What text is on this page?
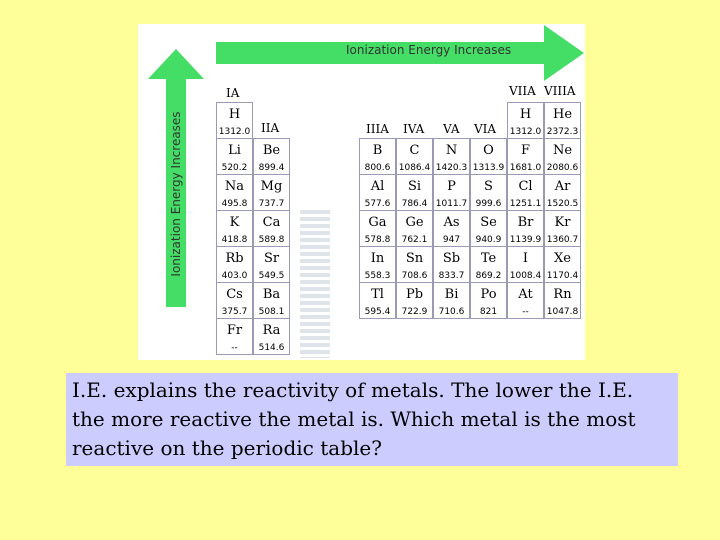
Ionization Energy Increases
Ionization Energy Increases
IA
IIA	IIIA IVA VA VIA
VIIA VIIIA
H
1312.0
Li
520.2
Be
899.4
Na
495.8
Mg
737.7
K
418.8
Ca
589.8
Rb
403.0
Sr
549.5
Cs
375.7
Ba
508.1
Fr
--
Ra
514.6
H
1312.0
He
2372.3
B
800.6
C
1086.4
N
1420.3
O
1313.9
F
1681.0
Ne
2080.6
Al
577.6
Si
786.4
P
1011.7
S
999.6
Cl
1251.1
Ar
1520.5
Ga
578.8
Ge
762.1
As
947
Se
940.9
Br
1139.9
Kr
1360.7
In
558.3
Sn
708.6
Sb
833.7
Te
869.2
I
1008.4
Xe
1170.4
Tl
595.4
Pb
722.9
Bi
710.6
Po
821
At
--
Rn
1047.8
I.E. explains the reactivity of metals. The lower the I.E. the more reactive the metal is. Which metal is the most reactive on the periodic table?
